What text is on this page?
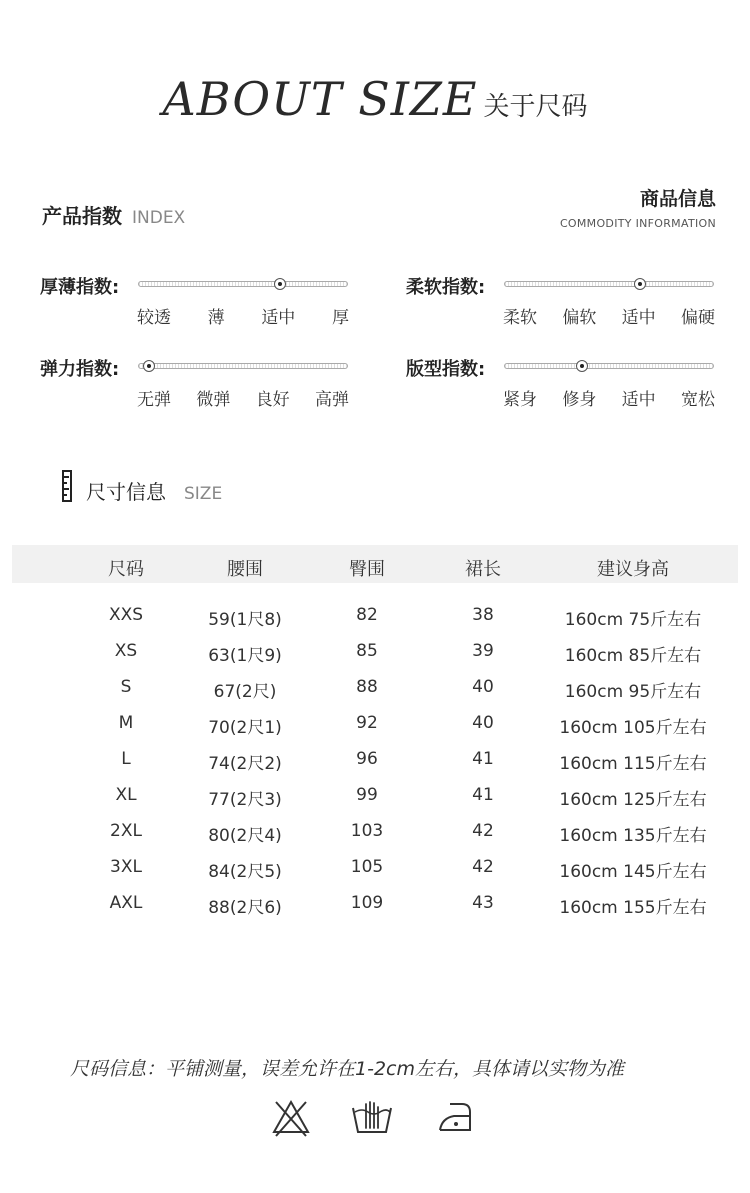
ABOUT SIZE 关于尺码
产品指数 INDEX
商品信息
COMMODITY INFORMATION
厚薄指数:
较透 薄 适中 厚
柔软指数:
柔软 偏软 适中 偏硬
弹力指数:
无弹 微弹 良好 高弹
版型指数:
紧身 修身 适中 宽松
尺寸信息 SIZE
尺码	腰围	臀围	裙长	建议身高
XXS	59(1尺8)	82	38	160cm 75斤左右
XS	63(1尺9)	85	39	160cm 85斤左右
S	67(2尺)	88	40	160cm 95斤左右
M	70(2尺1)	92	40	160cm 105斤左右
L	74(2尺2)	96	41	160cm 115斤左右
XL	77(2尺3)	99	41	160cm 125斤左右
2XL	80(2尺4)	103	42	160cm 135斤左右
3XL	84(2尺5)	105	42	160cm 145斤左右
AXL	88(2尺6)	109	43	160cm 155斤左右
尺码信息：平铺测量，误差允许在1-2cm左右，具体请以实物为准
